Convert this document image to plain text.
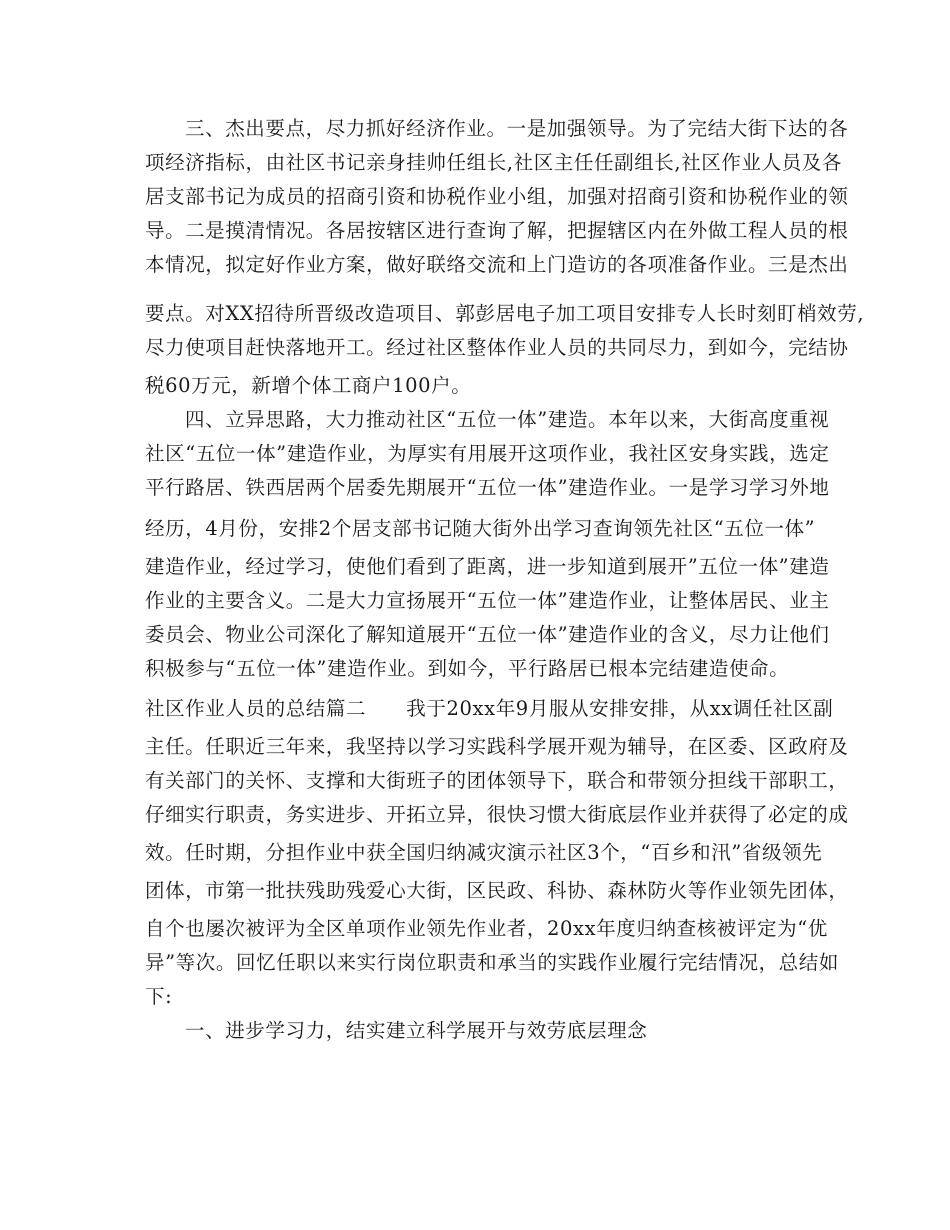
三、杰出要点，尽力抓好经济作业。一是加强领导。为了完结大街下达的各
项经济指标，由社区书记亲身挂帅任组长,社区主任任副组长,社区作业人员及各
居支部书记为成员的招商引资和协税作业小组，加强对招商引资和协税作业的领
导。二是摸清情况。各居按辖区进行查询了解，把握辖区内在外做工程人员的根
本情况，拟定好作业方案，做好联络交流和上门造访的各项准备作业。三是杰出
要点。对XX招待所晋级改造项目、郭彭居电子加工项目安排专人长时刻盯梢效劳,
尽力使项目赶快落地开工。经过社区整体作业人员的共同尽力，到如今，完结协
税60万元，新增个体工商户100户。
四、立异思路，大力推动社区“五位一体”建造。本年以来，大街高度重视
社区“五位一体”建造作业，为厚实有用展开这项作业，我社区安身实践，选定
平行路居、铁西居两个居委先期展开“五位一体”建造作业。一是学习学习外地
经历，4月份，安排2个居支部书记随大街外出学习查询领先社区“五位一体”
建造作业，经过学习，使他们看到了距离，进一步知道到展开”五位一体”建造
作业的主要含义。二是大力宣扬展开“五位一体”建造作业，让整体居民、业主
委员会、物业公司深化了解知道展开“五位一体”建造作业的含义，尽力让他们
积极参与“五位一体”建造作业。到如今，平行路居已根本完结建造使命。
社区作业人员的总结篇二　　我于20xx年9月服从安排安排，从xx调任社区副
主任。任职近三年来，我坚持以学习实践科学展开观为辅导，在区委、区政府及
有关部门的关怀、支撑和大街班子的团体领导下，联合和带领分担线干部职工，
仔细实行职责，务实进步、开拓立异，很快习惯大街底层作业并获得了必定的成
效。任时期，分担作业中获全国归纳减灾演示社区3个，“百乡和汛”省级领先
团体，市第一批扶残助残爱心大街，区民政、科协、森林防火等作业领先团体，
自个也屡次被评为全区单项作业领先作业者，20xx年度归纳查核被评定为“优
异”等次。回忆任职以来实行岗位职责和承当的实践作业履行完结情况，总结如
下:
一、进步学习力，结实建立科学展开与效劳底层理念
